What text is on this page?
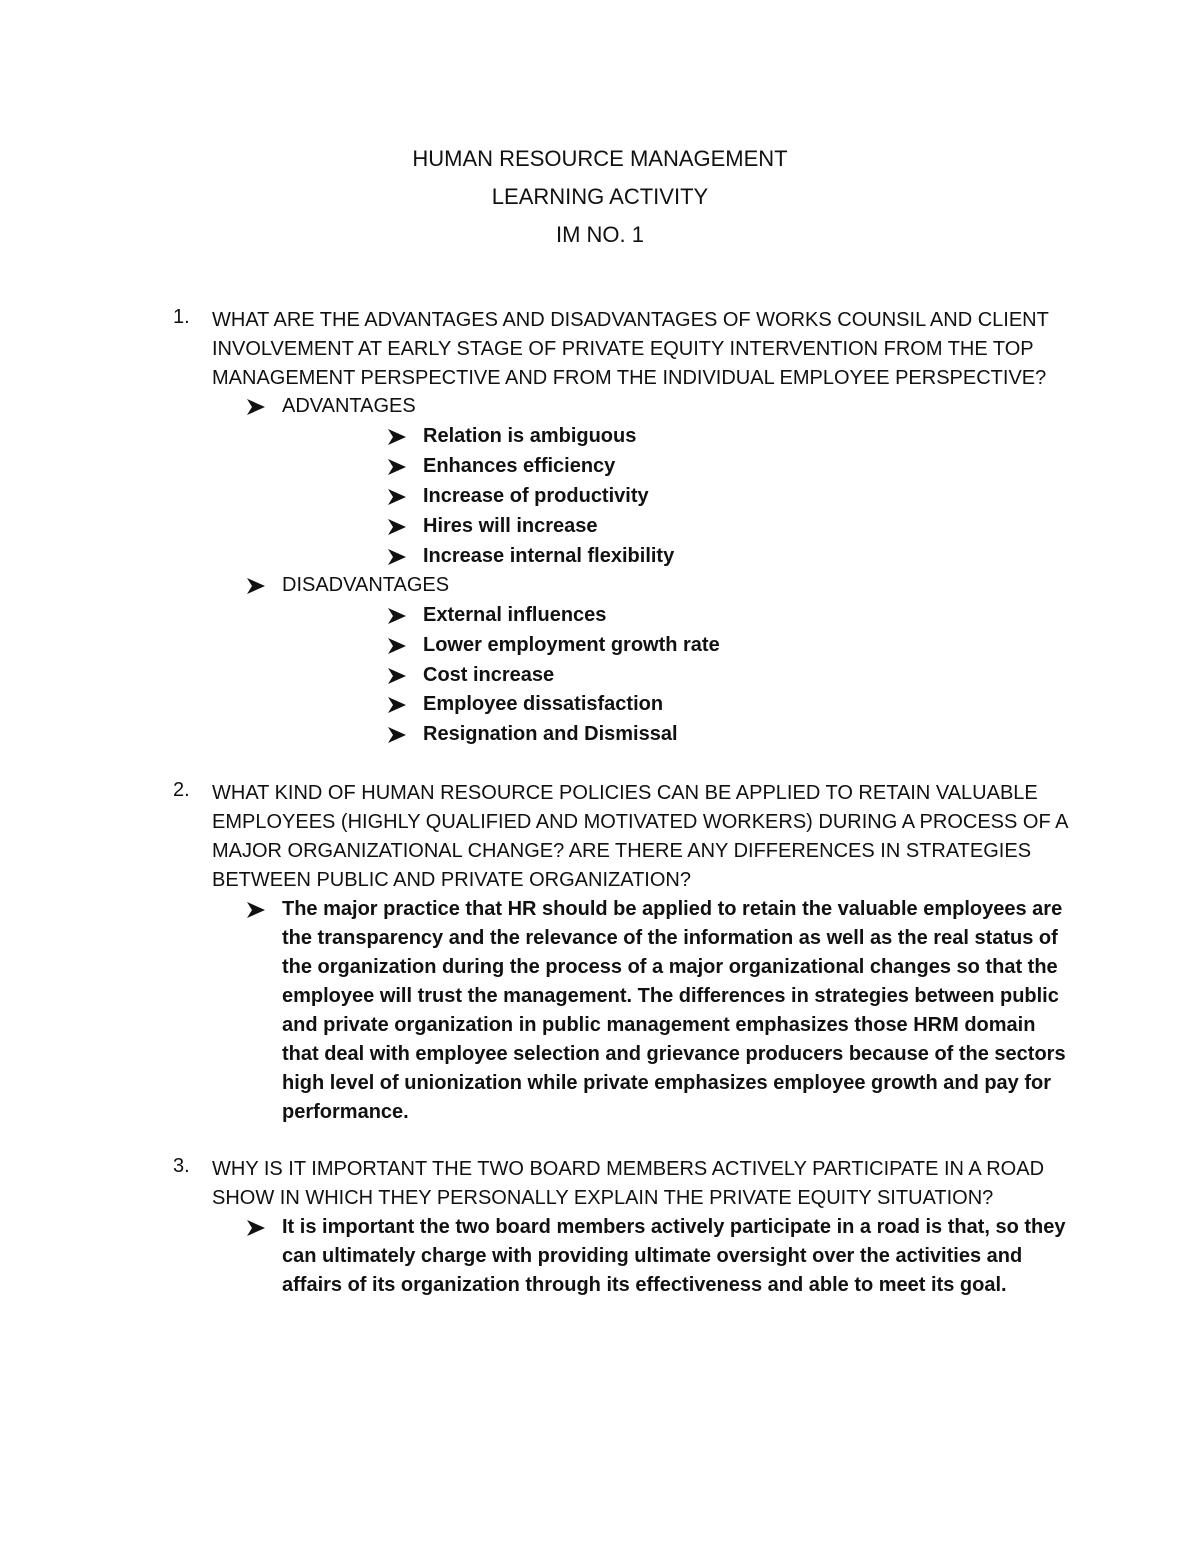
HUMAN RESOURCE MANAGEMENT
LEARNING ACTIVITY
IM NO. 1
1. WHAT ARE THE ADVANTAGES AND DISADVANTAGES OF WORKS COUNSIL AND CLIENT INVOLVEMENT AT EARLY STAGE OF PRIVATE EQUITY INTERVENTION FROM THE TOP MANAGEMENT PERSPECTIVE AND FROM THE INDIVIDUAL EMPLOYEE PERSPECTIVE?
ADVANTAGES
Relation is ambiguous
Enhances efficiency
Increase of productivity
Hires will increase
Increase internal flexibility
DISADVANTAGES
External influences
Lower employment growth rate
Cost increase
Employee dissatisfaction
Resignation and Dismissal
2. WHAT KIND OF HUMAN RESOURCE POLICIES CAN BE APPLIED TO RETAIN VALUABLE EMPLOYEES (HIGHLY QUALIFIED AND MOTIVATED WORKERS) DURING A PROCESS OF A MAJOR ORGANIZATIONAL CHANGE? ARE THERE ANY DIFFERENCES IN STRATEGIES BETWEEN PUBLIC AND PRIVATE ORGANIZATION?
The major practice that HR should be applied to retain the valuable employees are the transparency and the relevance of the information as well as the real status of the organization during the process of a major organizational changes so that the employee will trust the management. The differences in strategies between public and private organization in public management emphasizes those HRM domain that deal with employee selection and grievance producers because of the sectors high level of unionization while private emphasizes employee growth and pay for performance.
3. WHY IS IT IMPORTANT THE TWO BOARD MEMBERS ACTIVELY PARTICIPATE IN A ROAD SHOW IN WHICH THEY PERSONALLY EXPLAIN THE PRIVATE EQUITY SITUATION?
It is important the two board members actively participate in a road is that, so they can ultimately charge with providing ultimate oversight over the activities and affairs of its organization through its effectiveness and able to meet its goal.
